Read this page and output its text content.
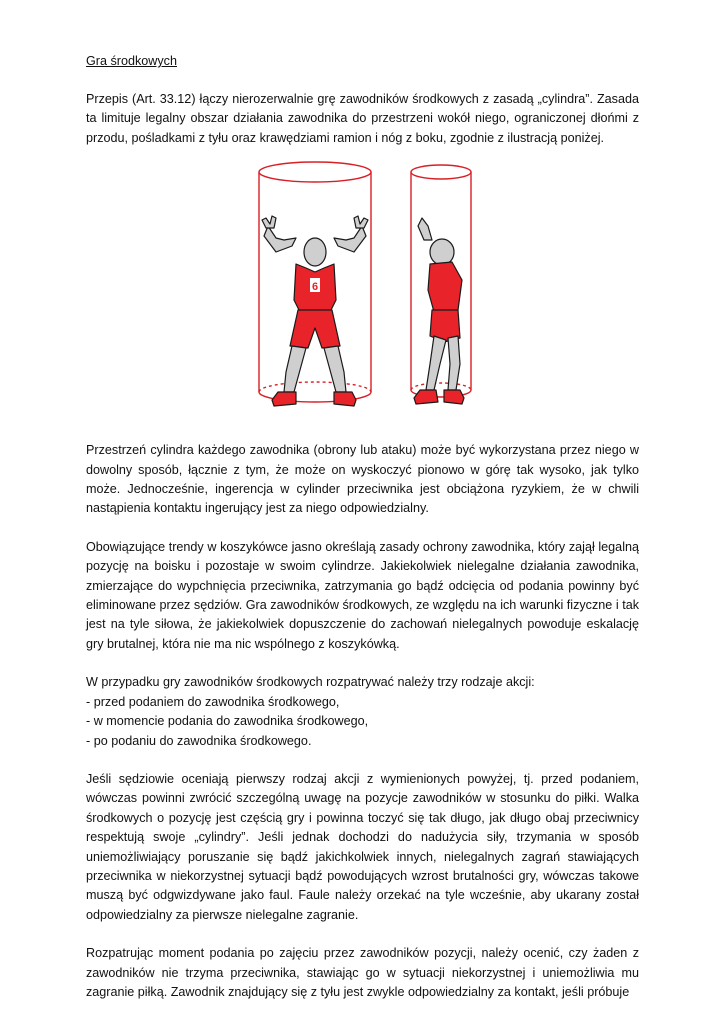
Gra środkowych

Przepis (Art. 33.12) łączy nierozerwalnie grę zawodników środkowych z zasadą „cylindra”. Zasada ta limituje legalny obszar działania zawodnika do przestrzeni wokół niego, ograniczonej dłońmi z przodu, pośladkami z tyłu oraz krawędziami ramion i nóg z boku, zgodnie z ilustracją poniżej.

6

Przestrzeń cylindra każdego zawodnika (obrony lub ataku) może być wykorzystana przez niego w dowolny sposób, łącznie z tym, że może on wyskoczyć pionowo w górę tak wysoko, jak tylko może. Jednocześnie, ingerencja w cylinder przeciwnika jest obciążona ryzykiem, że w chwili nastąpienia kontaktu ingerujący jest za niego odpowiedzialny.

Obowiązujące trendy w koszykówce jasno określają zasady ochrony zawodnika, który zajął legalną pozycję na boisku i pozostaje w swoim cylindrze. Jakiekolwiek nielegalne działania zawodnika, zmierzające do wypchnięcia przeciwnika, zatrzymania go bądź odcięcia od podania powinny być eliminowane przez sędziów. Gra zawodników środkowych, ze względu na ich warunki fizyczne i tak jest na tyle siłowa, że jakiekolwiek dopuszczenie do zachowań nielegalnych powoduje eskalację gry brutalnej, która nie ma nic wspólnego z koszykówką.

W przypadku gry zawodników środkowych rozpatrywać należy trzy rodzaje akcji:

- przed podaniem do zawodnika środkowego,
- w momencie podania do zawodnika środkowego,
- po podaniu do zawodnika środkowego.

Jeśli sędziowie oceniają pierwszy rodzaj akcji z wymienionych powyżej, tj. przed podaniem, wówczas powinni zwrócić szczególną uwagę na pozycje zawodników w stosunku do piłki. Walka środkowych o pozycję jest częścią gry i powinna toczyć się tak długo, jak długo obaj przeciwnicy respektują swoje „cylindry”. Jeśli jednak dochodzi do nadużycia siły, trzymania w sposób uniemożliwiający poruszanie się bądź jakichkolwiek innych, nielegalnych zagrań stawiających przeciwnika w niekorzystnej sytuacji bądź powodujących wzrost brutalności gry, wówczas takowe muszą być odgwizdywane jako faul. Faule należy orzekać na tyle wcześnie, aby ukarany został odpowiedzialny za pierwsze nielegalne zagranie.

Rozpatrując moment podania po zajęciu przez zawodników pozycji, należy ocenić, czy żaden z zawodników nie trzyma przeciwnika, stawiając go w sytuacji niekorzystnej i uniemożliwia mu zagranie piłką. Zawodnik znajdujący się z tyłu jest zwykle odpowiedzialny za kontakt, jeśli próbuje
